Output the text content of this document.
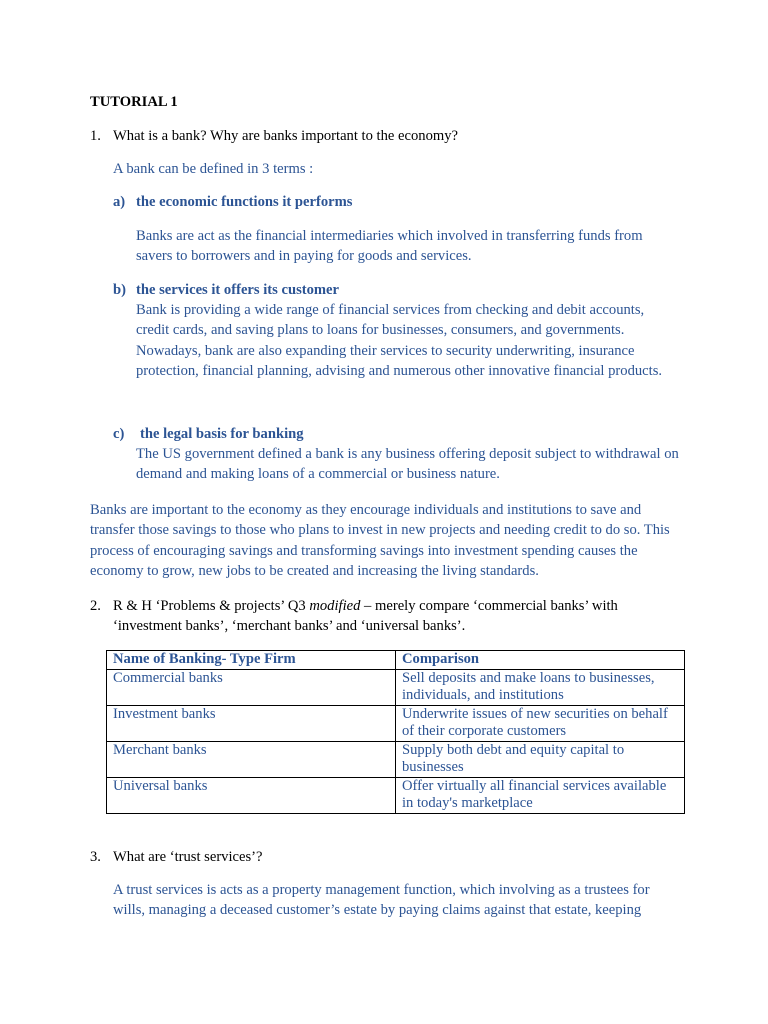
TUTORIAL 1

1. What is a bank? Why are banks important to the economy?

A bank can be defined in 3 terms :

a) the economic functions it performs

Banks are act as the financial intermediaries which involved in transferring funds from savers to borrowers and in paying for goods and services.

b) the services it offers its customer

Bank is providing a wide range of financial services from checking and debit accounts, credit cards, and saving plans to loans for businesses, consumers, and governments. Nowadays, bank are also expanding their services to security underwriting, insurance protection, financial planning, advising and numerous other innovative financial products.

c) the legal basis for banking

The US government defined a bank is any business offering deposit subject to withdrawal on demand and making loans of a commercial or business nature.

Banks are important to the economy as they encourage individuals and institutions to save and transfer those savings to those who plans to invest in new projects and needing credit to do so. This process of encouraging savings and transforming savings into investment spending causes the economy to grow, new jobs to be created and increasing the living standards.

2. R & H ‘Problems & projects’ Q3 modified – merely compare ‘commercial banks’ with ‘investment banks’, ‘merchant banks’ and ‘universal banks’.

Name of Banking- Type Firm	Comparison
Commercial banks	Sell deposits and make loans to businesses, individuals, and institutions
Investment banks	Underwrite issues of new securities on behalf of their corporate customers
Merchant banks	Supply both debt and equity capital to businesses
Universal banks	Offer virtually all financial services available in today's marketplace
3. What are ‘trust services’?

A trust services is acts as a property management function, which involving as a trustees for wills, managing a deceased customer’s estate by paying claims against that estate, keeping
